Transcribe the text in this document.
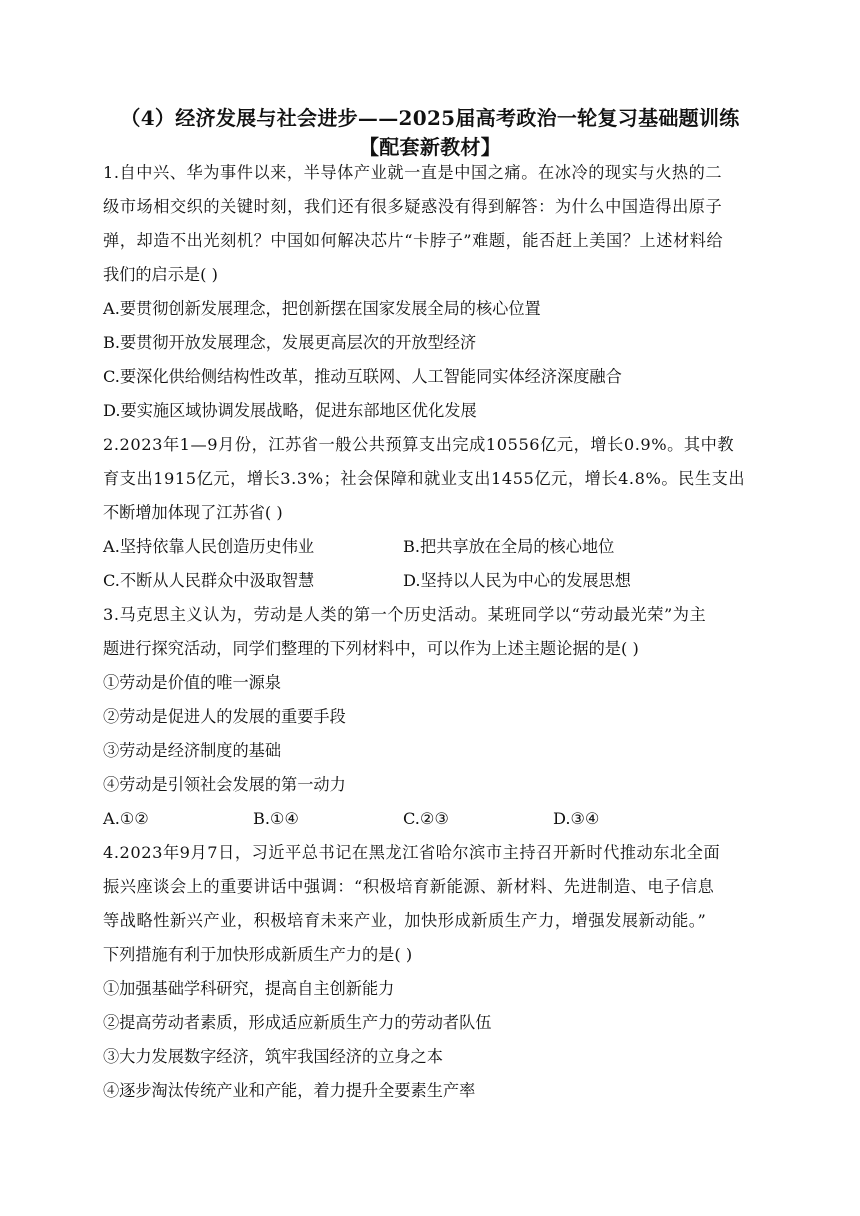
（4）经济发展与社会进步——2025届高考政治一轮复习基础题训练
【配套新教材】
1.自中兴、华为事件以来，半导体产业就一直是中国之痛。在冰冷的现实与火热的二
级市场相交织的关键时刻，我们还有很多疑惑没有得到解答：为什么中国造得出原子
弹，却造不出光刻机？中国如何解决芯片“卡脖子”难题，能否赶上美国？上述材料给
我们的启示是( )
A.要贯彻创新发展理念，把创新摆在国家发展全局的核心位置
B.要贯彻开放发展理念，发展更高层次的开放型经济
C.要深化供给侧结构性改革，推动互联网、人工智能同实体经济深度融合
D.要实施区域协调发展战略，促进东部地区优化发展
2.2023年1—9月份，江苏省一般公共预算支出完成10556亿元，增长0.9%。其中教
育支出1915亿元，增长3.3%；社会保障和就业支出1455亿元，增长4.8%。民生支出
不断增加体现了江苏省( )
A.坚持依靠人民创造历史伟业	B.把共享放在全局的核心地位
C.不断从人民群众中汲取智慧	D.坚持以人民为中心的发展思想
3.马克思主义认为，劳动是人类的第一个历史活动。某班同学以“劳动最光荣”为主
题进行探究活动，同学们整理的下列材料中，可以作为上述主题论据的是( )
①劳动是价值的唯一源泉
②劳动是促进人的发展的重要手段
③劳动是经济制度的基础
④劳动是引领社会发展的第一动力
A.①②	B.①④	C.②③	D.③④
4.2023年9月7日，习近平总书记在黑龙江省哈尔滨市主持召开新时代推动东北全面
振兴座谈会上的重要讲话中强调：“积极培育新能源、新材料、先进制造、电子信息
等战略性新兴产业，积极培育未来产业，加快形成新质生产力，增强发展新动能。”
下列措施有利于加快形成新质生产力的是( )
①加强基础学科研究，提高自主创新能力
②提高劳动者素质，形成适应新质生产力的劳动者队伍
③大力发展数字经济，筑牢我国经济的立身之本
④逐步淘汰传统产业和产能，着力提升全要素生产率
